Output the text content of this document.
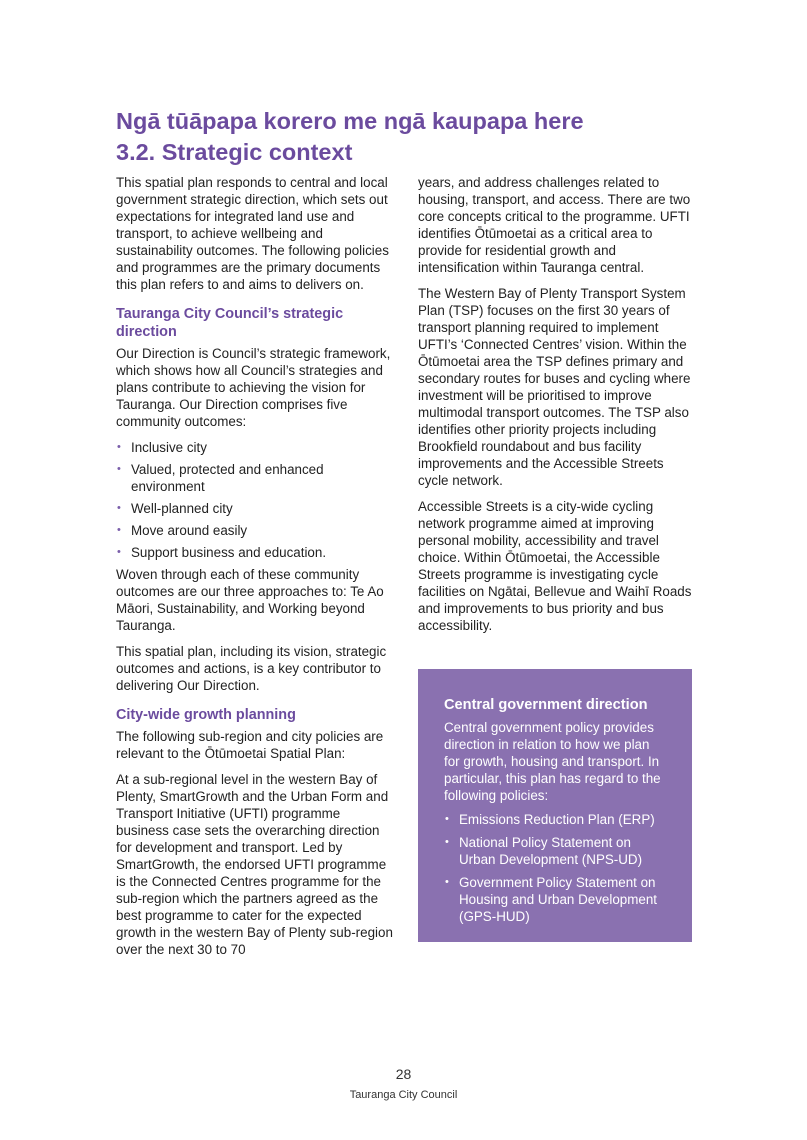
Ngā tūāpapa korero me ngā kaupapa here
3.2. Strategic context

This spatial plan responds to central and local government strategic direction, which sets out expectations for integrated land use and transport, to achieve wellbeing and sustainability outcomes. The following policies and programmes are the primary documents this plan refers to and aims to delivers on.

Tauranga City Council’s strategic direction

Our Direction is Council’s strategic framework, which shows how all Council’s strategies and plans contribute to achieving the vision for Tauranga. Our Direction comprises five community outcomes:

• Inclusive city
• Valued, protected and enhanced environment
• Well-planned city
• Move around easily
• Support business and education.

Woven through each of these community outcomes are our three approaches to: Te Ao Māori, Sustainability, and Working beyond Tauranga.

This spatial plan, including its vision, strategic outcomes and actions, is a key contributor to delivering Our Direction.

City-wide growth planning

The following sub-region and city policies are relevant to the Ōtūmoetai Spatial Plan:

At a sub-regional level in the western Bay of Plenty, SmartGrowth and the Urban Form and Transport Initiative (UFTI) programme business case sets the overarching direction for development and transport. Led by SmartGrowth, the endorsed UFTI programme is the Connected Centres programme for the sub-region which the partners agreed as the best programme to cater for the expected growth in the western Bay of Plenty sub-region over the next 30 to 70

years, and address challenges related to housing, transport, and access. There are two core concepts critical to the programme. UFTI identifies Ōtūmoetai as a critical area to provide for residential growth and intensification within Tauranga central.

The Western Bay of Plenty Transport System Plan (TSP) focuses on the first 30 years of transport planning required to implement UFTI’s ‘Connected Centres’ vision. Within the Ōtūmoetai area the TSP defines primary and secondary routes for buses and cycling where investment will be prioritised to improve multimodal transport outcomes. The TSP also identifies other priority projects including Brookfield roundabout and bus facility improvements and the Accessible Streets cycle network.

Accessible Streets is a city-wide cycling network programme aimed at improving personal mobility, accessibility and travel choice. Within Ōtūmoetai, the Accessible Streets programme is investigating cycle facilities on Ngātai, Bellevue and Waihī Roads and improvements to bus priority and bus accessibility.

Central government direction

Central government policy provides direction in relation to how we plan for growth, housing and transport. In particular, this plan has regard to the following policies:

• Emissions Reduction Plan (ERP)
• National Policy Statement on Urban Development (NPS-UD)
• Government Policy Statement on Housing and Urban Development (GPS-HUD)
28
Tauranga City Council
